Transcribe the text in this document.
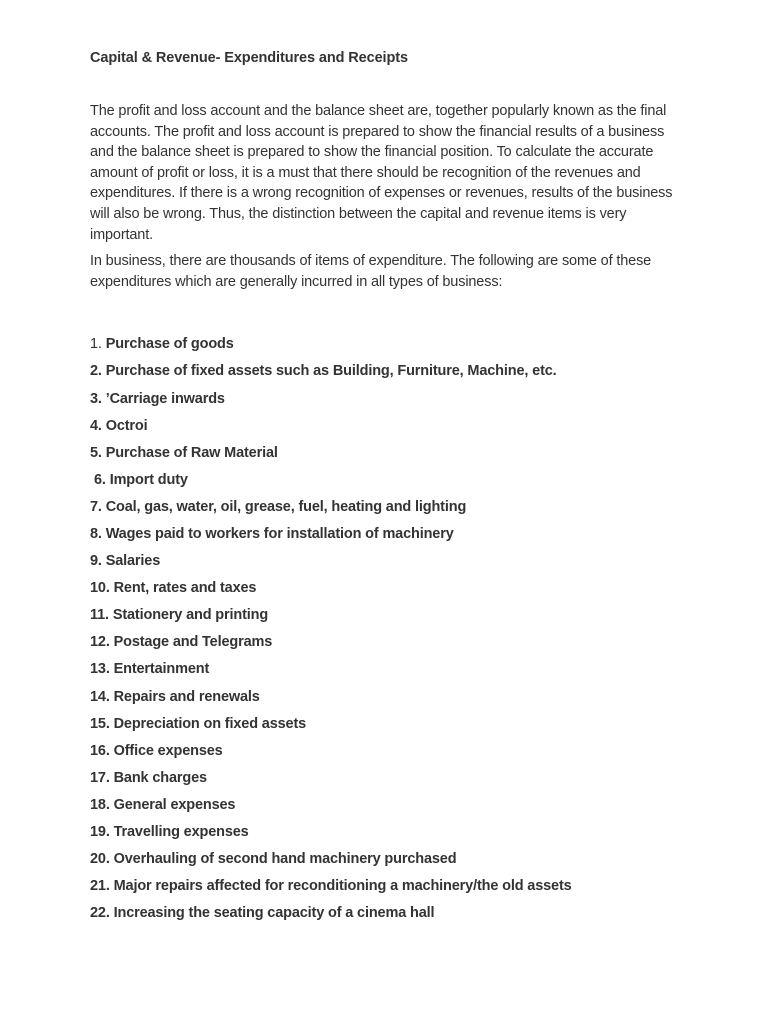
Capital & Revenue- Expenditures and Receipts

The profit and loss account and the balance sheet are, together popularly known as the final accounts. The profit and loss account is prepared to show the financial results of a business and the balance sheet is prepared to show the financial position. To calculate the accurate amount of profit or loss, it is a must that there should be recognition of the revenues and expenditures. If there is a wrong recognition of expenses or revenues, results of the business will also be wrong. Thus, the distinction between the capital and revenue items is very important.

In business, there are thousands of items of expenditure. The following are some of these expenditures which are generally incurred in all types of business:

1. Purchase of goods
2. Purchase of fixed assets such as Building, Furniture, Machine, etc.
3. ’Carriage inwards
4. Octroi
5. Purchase of Raw Material
6. Import duty
7. Coal, gas, water, oil, grease, fuel, heating and lighting
8. Wages paid to workers for installation of machinery
9. Salaries
10. Rent, rates and taxes
11. Stationery and printing
12. Postage and Telegrams
13. Entertainment
14. Repairs and renewals
15. Depreciation on fixed assets
16. Office expenses
17. Bank charges
18. General expenses
19. Travelling expenses
20. Overhauling of second hand machinery purchased
21. Major repairs affected for reconditioning a machinery/the old assets
22. Increasing the seating capacity of a cinema hall
